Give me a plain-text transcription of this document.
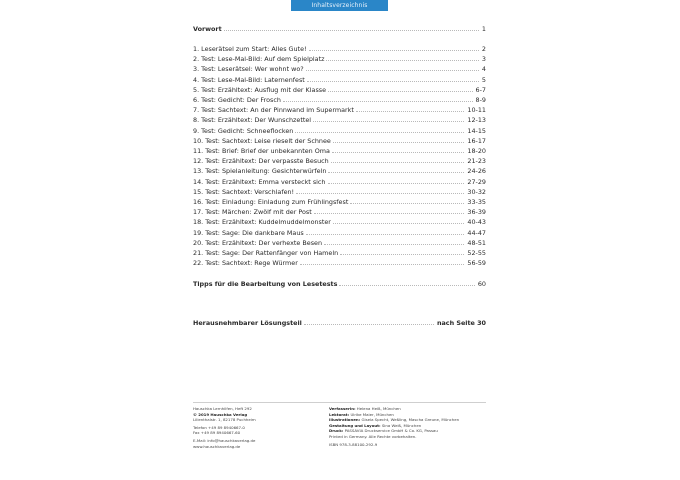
Inhaltsverzeichnis
Vorwort	1
1. Leserätsel zum Start: Alles Gute!	2
2. Test: Lese-Mal-Bild: Auf dem Spielplatz	3
3. Test: Leserätsel: Wer wohnt wo?	4
4. Test: Lese-Mal-Bild: Laternenfest	5
5. Test: Erzähltext: Ausflug mit der Klasse	6-7
6. Test: Gedicht: Der Frosch	8-9
7. Test: Sachtext: An der Pinnwand im Supermarkt	10-11
8. Test: Erzähltext: Der Wunschzettel	12-13
9. Test: Gedicht: Schneeflocken	14-15
10. Test: Sachtext: Leise rieselt der Schnee	16-17
11. Test: Brief: Brief der unbekannten Oma	18-20
12. Test: Erzähltext: Der verpasste Besuch	21-23
13. Test: Spielanleitung: Gesichterwürfeln	24-26
14. Test: Erzähltext: Emma versteckt sich	27-29
15. Test: Sachtext: Verschlafen!	30-32
16. Test: Einladung: Einladung zum Frühlingsfest	33-35
17. Test: Märchen: Zwölf mit der Post	36-39
18. Test: Erzähltext: Kuddelmuddelmonster	40-43
19. Test: Sage: Die dankbare Maus	44-47
20. Test: Erzähltext: Der verhexte Besen	48-51
21. Test: Sage: Der Rattenfänger von Hameln	52-55
22. Test: Sachtext: Rege Würmer	56-59
Tipps für die Bearbeitung von Lesetests	60
Herausnehmbarer Lösungsteil	nach Seite 30
Hauschka Lernhilfen, Heft 292
© 2019 Hauschka Verlag
Lilienthalstr. 1, 82178 Puchheim
Telefon +49 89 8940667-0
Fax +49 89 8940667-60
E-Mail: info@hauschkaverlag.de
www.hauschkaverlag.de
Verfasserin: Helena Heiß, München
Lektorat: Ulrike Maier, München
Illustrationen: Gisela Specht, Weßling, Mascha Greune, München
Gestaltung und Layout: Sina Weiß, München
Druck: PASSAVIA Druckservice GmbH & Co. KG, Passau
Printed in Germany. Alle Rechte vorbehalten.
ISBN 978-3-88100-292-9
